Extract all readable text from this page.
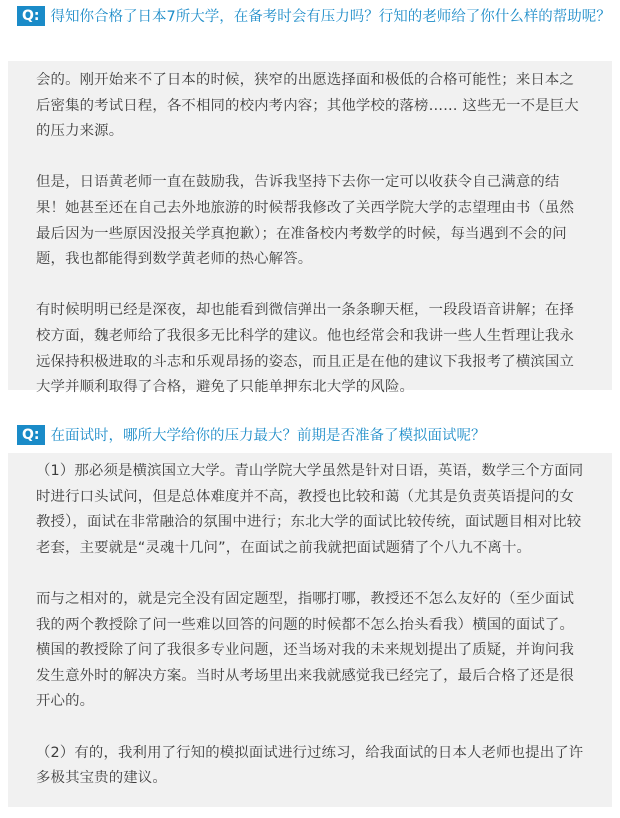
Q: 得知你合格了日本7所大学，在备考时会有压力吗？行知的老师给了你什么样的帮助呢？

会的。刚开始来不了日本的时候，狭窄的出愿选择面和极低的合格可能性；来日本之后密集的考试日程，各不相同的校内考内容；其他学校的落榜…… 这些无一不是巨大的压力来源。

但是，日语黄老师一直在鼓励我，告诉我坚持下去你一定可以收获令自己满意的结果！她甚至还在自己去外地旅游的时候帮我修改了关西学院大学的志望理由书（虽然最后因为一些原因没报关学真抱歉）；在准备校内考数学的时候，每当遇到不会的问题，我也都能得到数学黄老师的热心解答。

有时候明明已经是深夜，却也能看到微信弹出一条条聊天框，一段段语音讲解；在择校方面，魏老师给了我很多无比科学的建议。他也经常会和我讲一些人生哲理让我永远保持积极进取的斗志和乐观昂扬的姿态，而且正是在他的建议下我报考了横滨国立大学并顺利取得了合格，避免了只能单押东北大学的风险。

Q: 在面试时，哪所大学给你的压力最大？前期是否准备了模拟面试呢？

（1）那必须是横滨国立大学。青山学院大学虽然是针对日语，英语，数学三个方面同时进行口头试问，但是总体难度并不高，教授也比较和蔼（尤其是负责英语提问的女教授），面试在非常融洽的氛围中进行；东北大学的面试比较传统，面试题目相对比较老套，主要就是“灵魂十几问”，在面试之前我就把面试题猜了个八九不离十。

而与之相对的，就是完全没有固定题型，指哪打哪，教授还不怎么友好的（至少面试我的两个教授除了问一些难以回答的问题的时候都不怎么抬头看我）横国的面试了。横国的教授除了问了我很多专业问题，还当场对我的未来规划提出了质疑，并询问我发生意外时的解决方案。当时从考场里出来我就感觉我已经完了，最后合格了还是很开心的。

（2）有的，我利用了行知的模拟面试进行过练习，给我面试的日本人老师也提出了许多极其宝贵的建议。
